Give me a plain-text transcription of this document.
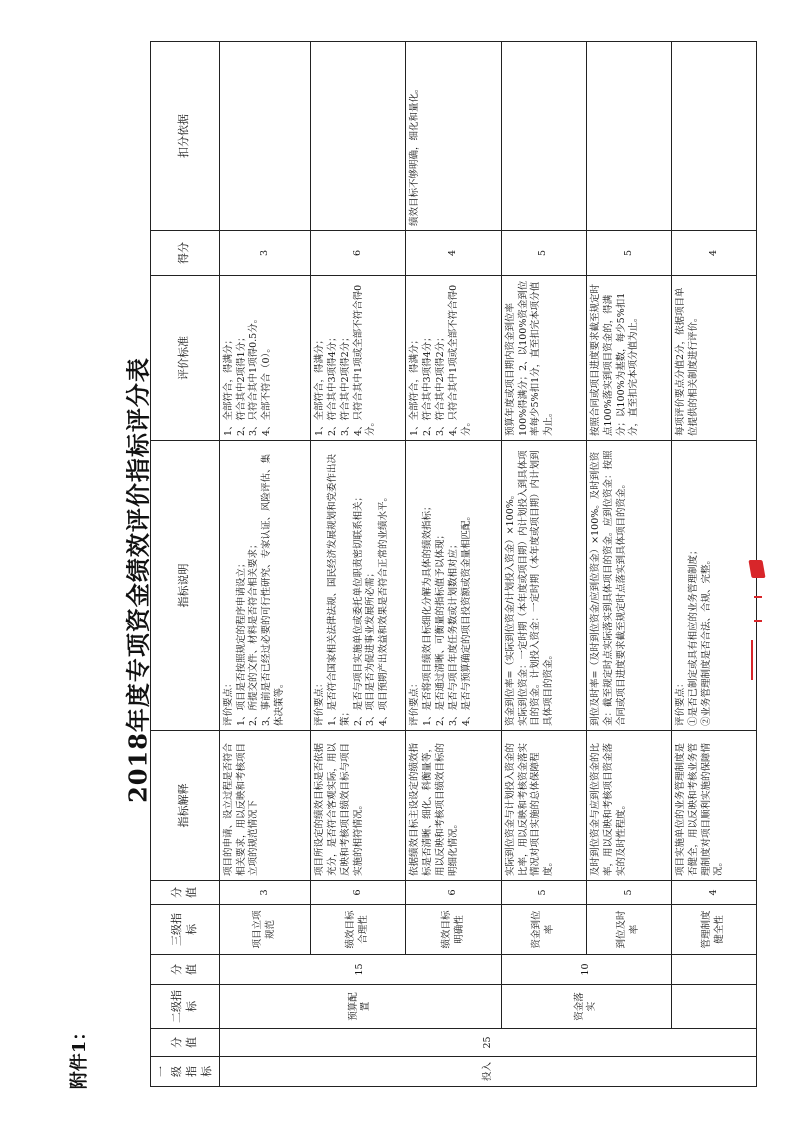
附件1：
2018年度专项资金绩效评价指标评分表
一级指标	分值	二级指标	分值	三级指标	分值	指标解释	指标说明	评价标准	得分	扣分依据
投入	25	预算配置	15	项目立项规范	3	项目的申请、设立过程是否符合相关要求，用以反映和考核项目立项的规范情况下	评价要点：
1、项目是否按照规定的程序申请设立；
2、所提交的文件、材料是否符合相关要求；
3、事前是否已经过必要的可行性研究、专家认证、风险评估、集体决策等。	1、全部符合，得满分；
2、符合其中2项得1分；
3、只符合其中1项得0.5分。
4、全部不符合（0）。	3	
				绩效目标合理性	6	项目所设定的绩效目标是否依据充分，是否符合客观实际，用以反映和考核项目绩效目标与项目实施的相符情况。	评价要点：
1、是否符合国家相关法律法规、国民经济发展规划和党委作出决策；
2、是否与项目实施单位或委托单位职责密切联系相关；
3、项目是否为促进事业发展所必需；
4、项目预期产出效益和效果是否符合正常的业绩水平。	1、全部符合，得满分；
2、符合其中3项得4分；
3、符合其中2项得2分；
4、只符合其中1项或全部不符合得0分。	6	
				绩效目标明确性	6	依据绩效目标主设设定的绩效指标是否清晰、细化、科衡量等，用以反映和考核项目绩效目标的明细化情况。	评价要点：
1、是否将项目绩效目标细化分解为具体的绩效指标；
2、是否通过清晰、可衡量的指标值予以体现；
3、是否与项目年度任务数或计划数相对应；
4、是否与预算确定的项目投资额或资金量相匹配。	1、全部符合，得满分；
2、符合其中3项得4分；
3、符合其中2项得2分；
4、只符合其中1项或全部不符合得0分。	4	绩效目标不够明确，细化和量化。
		资金落实	10	资金到位率	5	实际到位资金与计划投入资金的比率，用以反映和考核资金落实情况对项目实施的总体保障程度。	资金到位率=（实际到位资金/计划投入资金）×100%。
实际到位资金：一定时期（本年度或项目期）内计划投入到具体项目的资金。计划投入资金：一定时期（本年度或项目期）内计划到具体项目的资金。	预算年度或项目期内资金到位率100%得满分；2、以100%资金到位率每少5%扣1分，直至扣完本项分值为止。	5	
				到位及时率	5	及时到位资金与应到位资金的比率，用以反映和考核项目资金落实的及时性程度。	到位及时率=（及时到位资金/应到位资金）×100%。及时到位资金：截至规定时点实际落实到具体项目的资金。应到位资金：按照合同或项目进度要求截至规定时点落实到具体项目的资金。	按照合同或项目进度要求截至规定时点100%落实到项目资金的，得满分；以100%为基数，每少5%扣1分，直至扣完本项分值为止。	5	
				管理制度健全性	4	项目实施单位的业务管理制度是否健全，用以反映和考核业务管理制度对项目顺利实施的保障情况。	评价要点：
①是否已制定或具有相应的业务管理制度；
②业务管理制度是否合法、合规、完整。	每项评价要点分值2分，依据项目单位提供的相关制度进行评价。	4	
